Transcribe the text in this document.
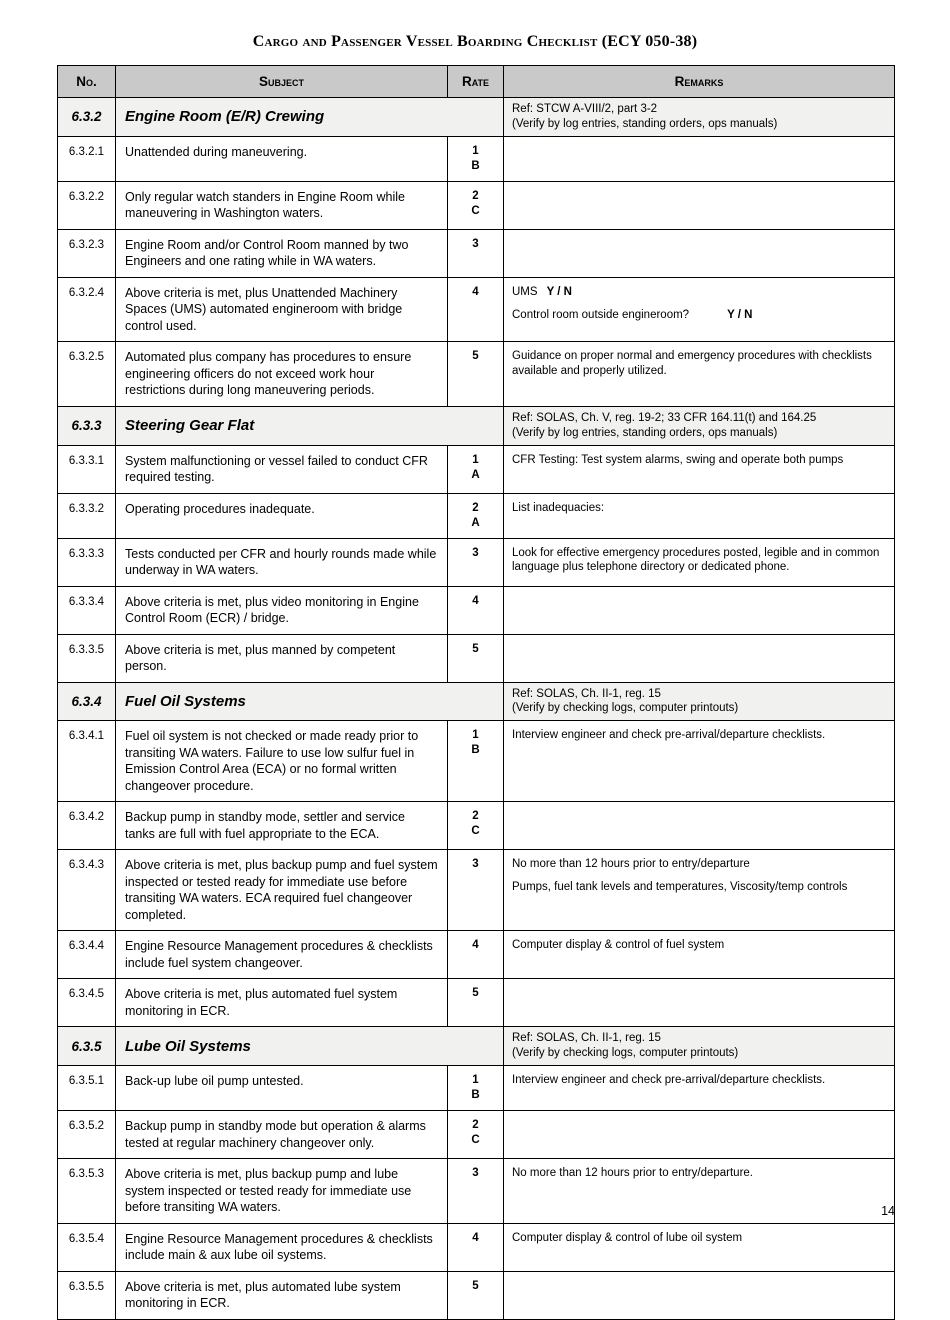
Cargo and Passenger Vessel Boarding Checklist (ECY 050-38)
No.	Subject	Rate	Remarks
6.3.2	Engine Room (E/R) Crewing		Ref: STCW A-VIII/2, part 3-2
(Verify by log entries, standing orders, ops manuals)

6.3.2.1	Unattended during maneuvering.	1
B	

6.3.2.2	Only regular watch standers in Engine Room while maneuvering in Washington waters.	2
C	

6.3.2.3	Engine Room and/or Control Room manned by two Engineers and one rating while in WA waters.	3	

6.3.2.4	Above criteria is met, plus Unattended Machinery Spaces (UMS) automated engineroom with bridge control used.	4	UMS Y / N
Control room outside engineroom? Y / N

6.3.2.5	Automated plus company has procedures to ensure engineering officers do not exceed work hour restrictions during long maneuvering periods.	5	Guidance on proper normal and emergency procedures with checklists available and properly utilized.

6.3.3	Steering Gear Flat		Ref: SOLAS, Ch. V, reg. 19-2; 33 CFR 164.11(t) and 164.25
(Verify by log entries, standing orders, ops manuals)

6.3.3.1	System malfunctioning or vessel failed to conduct CFR required testing.	1
A	CFR Testing: Test system alarms, swing and operate both pumps

6.3.3.2	Operating procedures inadequate.	2
A	List inadequacies:

6.3.3.3	Tests conducted per CFR and hourly rounds made while underway in WA waters.	3	Look for effective emergency procedures posted, legible and in common language plus telephone directory or dedicated phone.

6.3.3.4	Above criteria is met, plus video monitoring in Engine Control Room (ECR) / bridge.	4	

6.3.3.5	Above criteria is met, plus manned by competent person.	5	

6.3.4	Fuel Oil Systems		Ref: SOLAS, Ch. II-1, reg. 15
(Verify by checking logs, computer printouts)

6.3.4.1	Fuel oil system is not checked or made ready prior to transiting WA waters. Failure to use low sulfur fuel in Emission Control Area (ECA) or no formal written changeover procedure.	1
B	Interview engineer and check pre-arrival/departure checklists.

6.3.4.2	Backup pump in standby mode, settler and service tanks are full with fuel appropriate to the ECA.	2
C	

6.3.4.3	Above criteria is met, plus backup pump and fuel system inspected or tested ready for immediate use before transiting WA waters. ECA required fuel changeover completed.	3	No more than 12 hours prior to entry/departure
Pumps, fuel tank levels and temperatures, Viscosity/temp controls

6.3.4.4	Engine Resource Management procedures & checklists include fuel system changeover.	4	Computer display & control of fuel system

6.3.4.5	Above criteria is met, plus automated fuel system monitoring in ECR.	5	

6.3.5	Lube Oil Systems		Ref: SOLAS, Ch. II-1, reg. 15
(Verify by checking logs, computer printouts)

6.3.5.1	Back-up lube oil pump untested.	1
B	Interview engineer and check pre-arrival/departure checklists.

6.3.5.2	Backup pump in standby mode but operation & alarms tested at regular machinery changeover only.	2
C	

6.3.5.3	Above criteria is met, plus backup pump and lube system inspected or tested ready for immediate use before transiting WA waters.	3	No more than 12 hours prior to entry/departure.

6.3.5.4	Engine Resource Management procedures & checklists include main & aux lube oil systems.	4	Computer display & control of lube oil system

6.3.5.5	Above criteria is met, plus automated lube system monitoring in ECR.	5	

14
